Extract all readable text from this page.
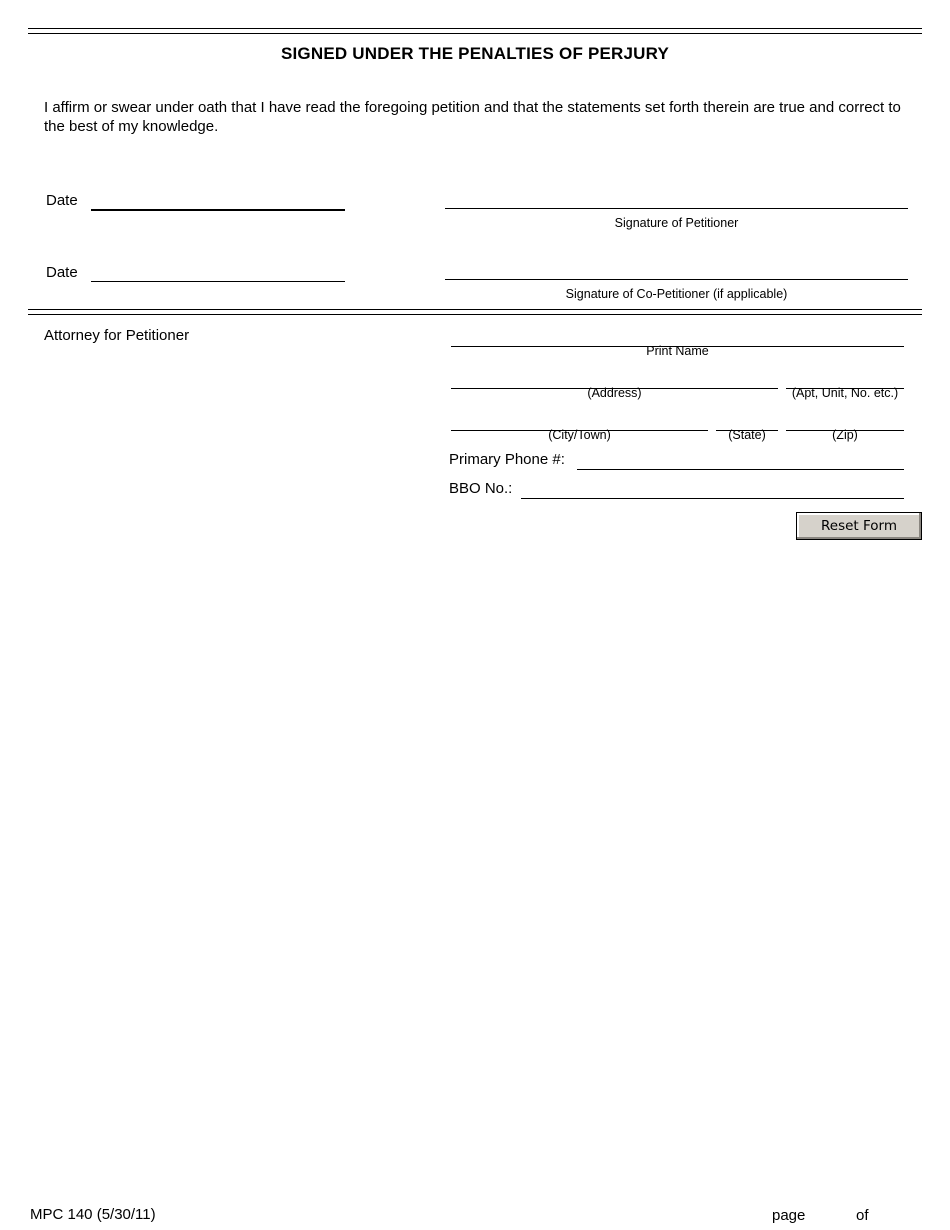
SIGNED UNDER THE PENALTIES OF PERJURY
I affirm or swear under oath that I have read the foregoing petition and that the statements set forth therein are true and correct to the best of my knowledge.
Date
Signature of Petitioner
Date
Signature of Co-Petitioner (if applicable)
Attorney for Petitioner
Print Name
(Address)	(Apt, Unit, No. etc.)
(City/Town)	(State)	(Zip)
Primary Phone #:
BBO No.:
Reset Form
MPC 140 (5/30/11)	page	of
